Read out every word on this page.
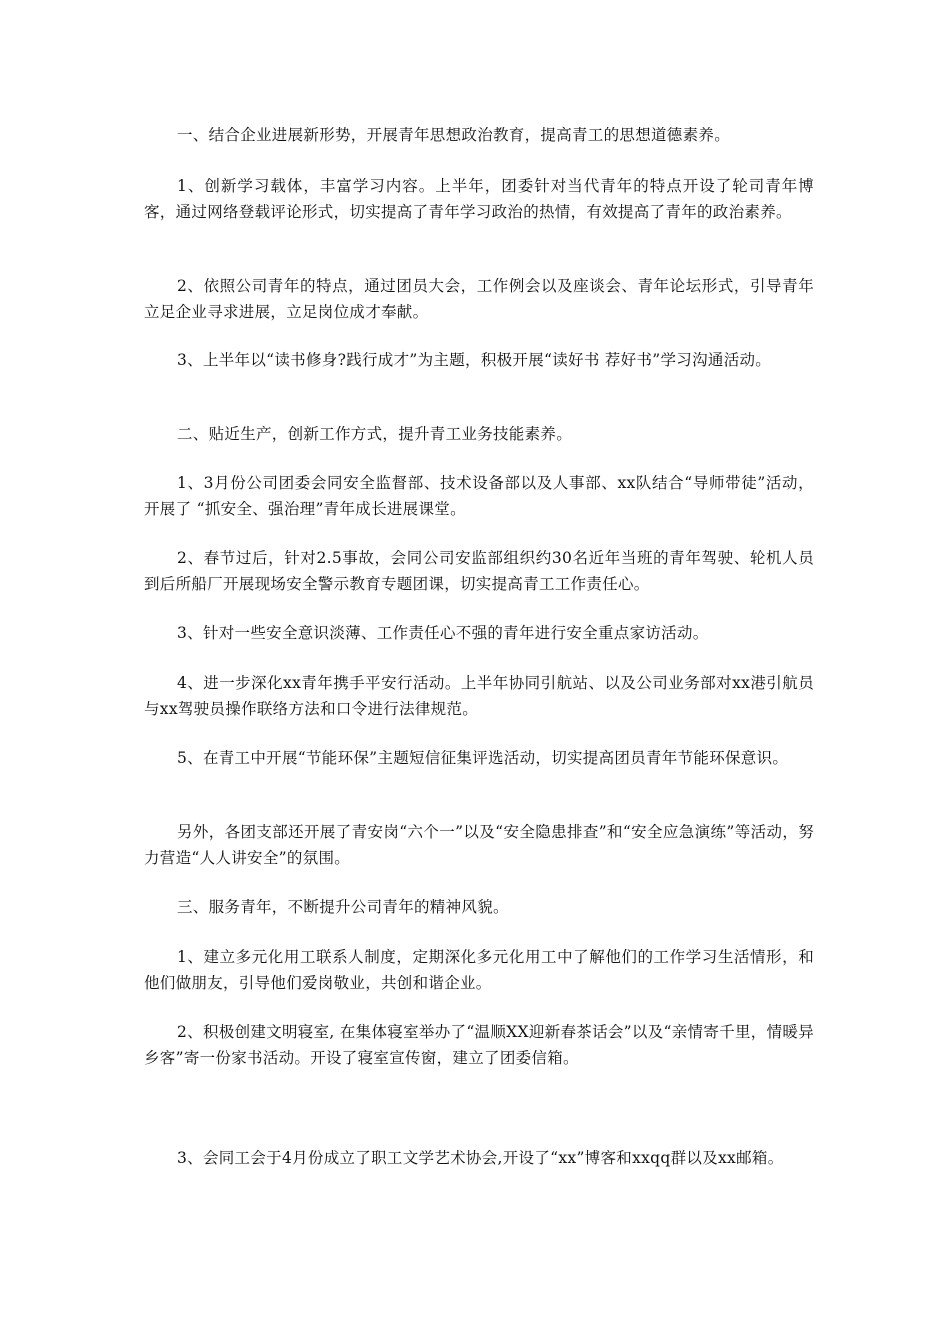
一、结合企业进展新形势，开展青年思想政治教育，提高青工的思想道德素养。

1、创新学习载体，丰富学习内容。上半年，团委针对当代青年的特点开设了轮司青年博客，通过网络登载评论形式，切实提高了青年学习政治的热情，有效提高了青年的政治素养。

2、依照公司青年的特点，通过团员大会，工作例会以及座谈会、青年论坛形式，引导青年立足企业寻求进展，立足岗位成才奉献。

3、上半年以“读书修身?践行成才”为主题，积极开展“读好书 荐好书”学习沟通活动。

二、贴近生产，创新工作方式，提升青工业务技能素养。

1、3月份公司团委会同安全监督部、技术设备部以及人事部、xx队结合“导师带徒”活动，开展了 “抓安全、强治理”青年成长进展课堂。

2、春节过后，针对2.5事故，会同公司安监部组织约30名近年当班的青年驾驶、轮机人员到后所船厂开展现场安全警示教育专题团课，切实提高青工工作责任心。

3、针对一些安全意识淡薄、工作责任心不强的青年进行安全重点家访活动。

4、进一步深化xx青年携手平安行活动。上半年协同引航站、以及公司业务部对xx港引航员与xx驾驶员操作联络方法和口令进行法律规范。

5、在青工中开展“节能环保”主题短信征集评选活动，切实提高团员青年节能环保意识。

另外，各团支部还开展了青安岗“六个一”以及“安全隐患排查”和“安全应急演练”等活动，努力营造“人人讲安全”的氛围。

三、服务青年，不断提升公司青年的精神风貌。

1、建立多元化用工联系人制度，定期深化多元化用工中了解他们的工作学习生活情形，和他们做朋友，引导他们爱岗敬业，共创和谐企业。

2、积极创建文明寝室, 在集体寝室举办了“温顺XX迎新春茶话会”以及“亲情寄千里，情暖异乡客”寄一份家书活动。开设了寝室宣传窗，建立了团委信箱。

3、会同工会于4月份成立了职工文学艺术协会,开设了“xx”博客和xxqq群以及xx邮箱。
